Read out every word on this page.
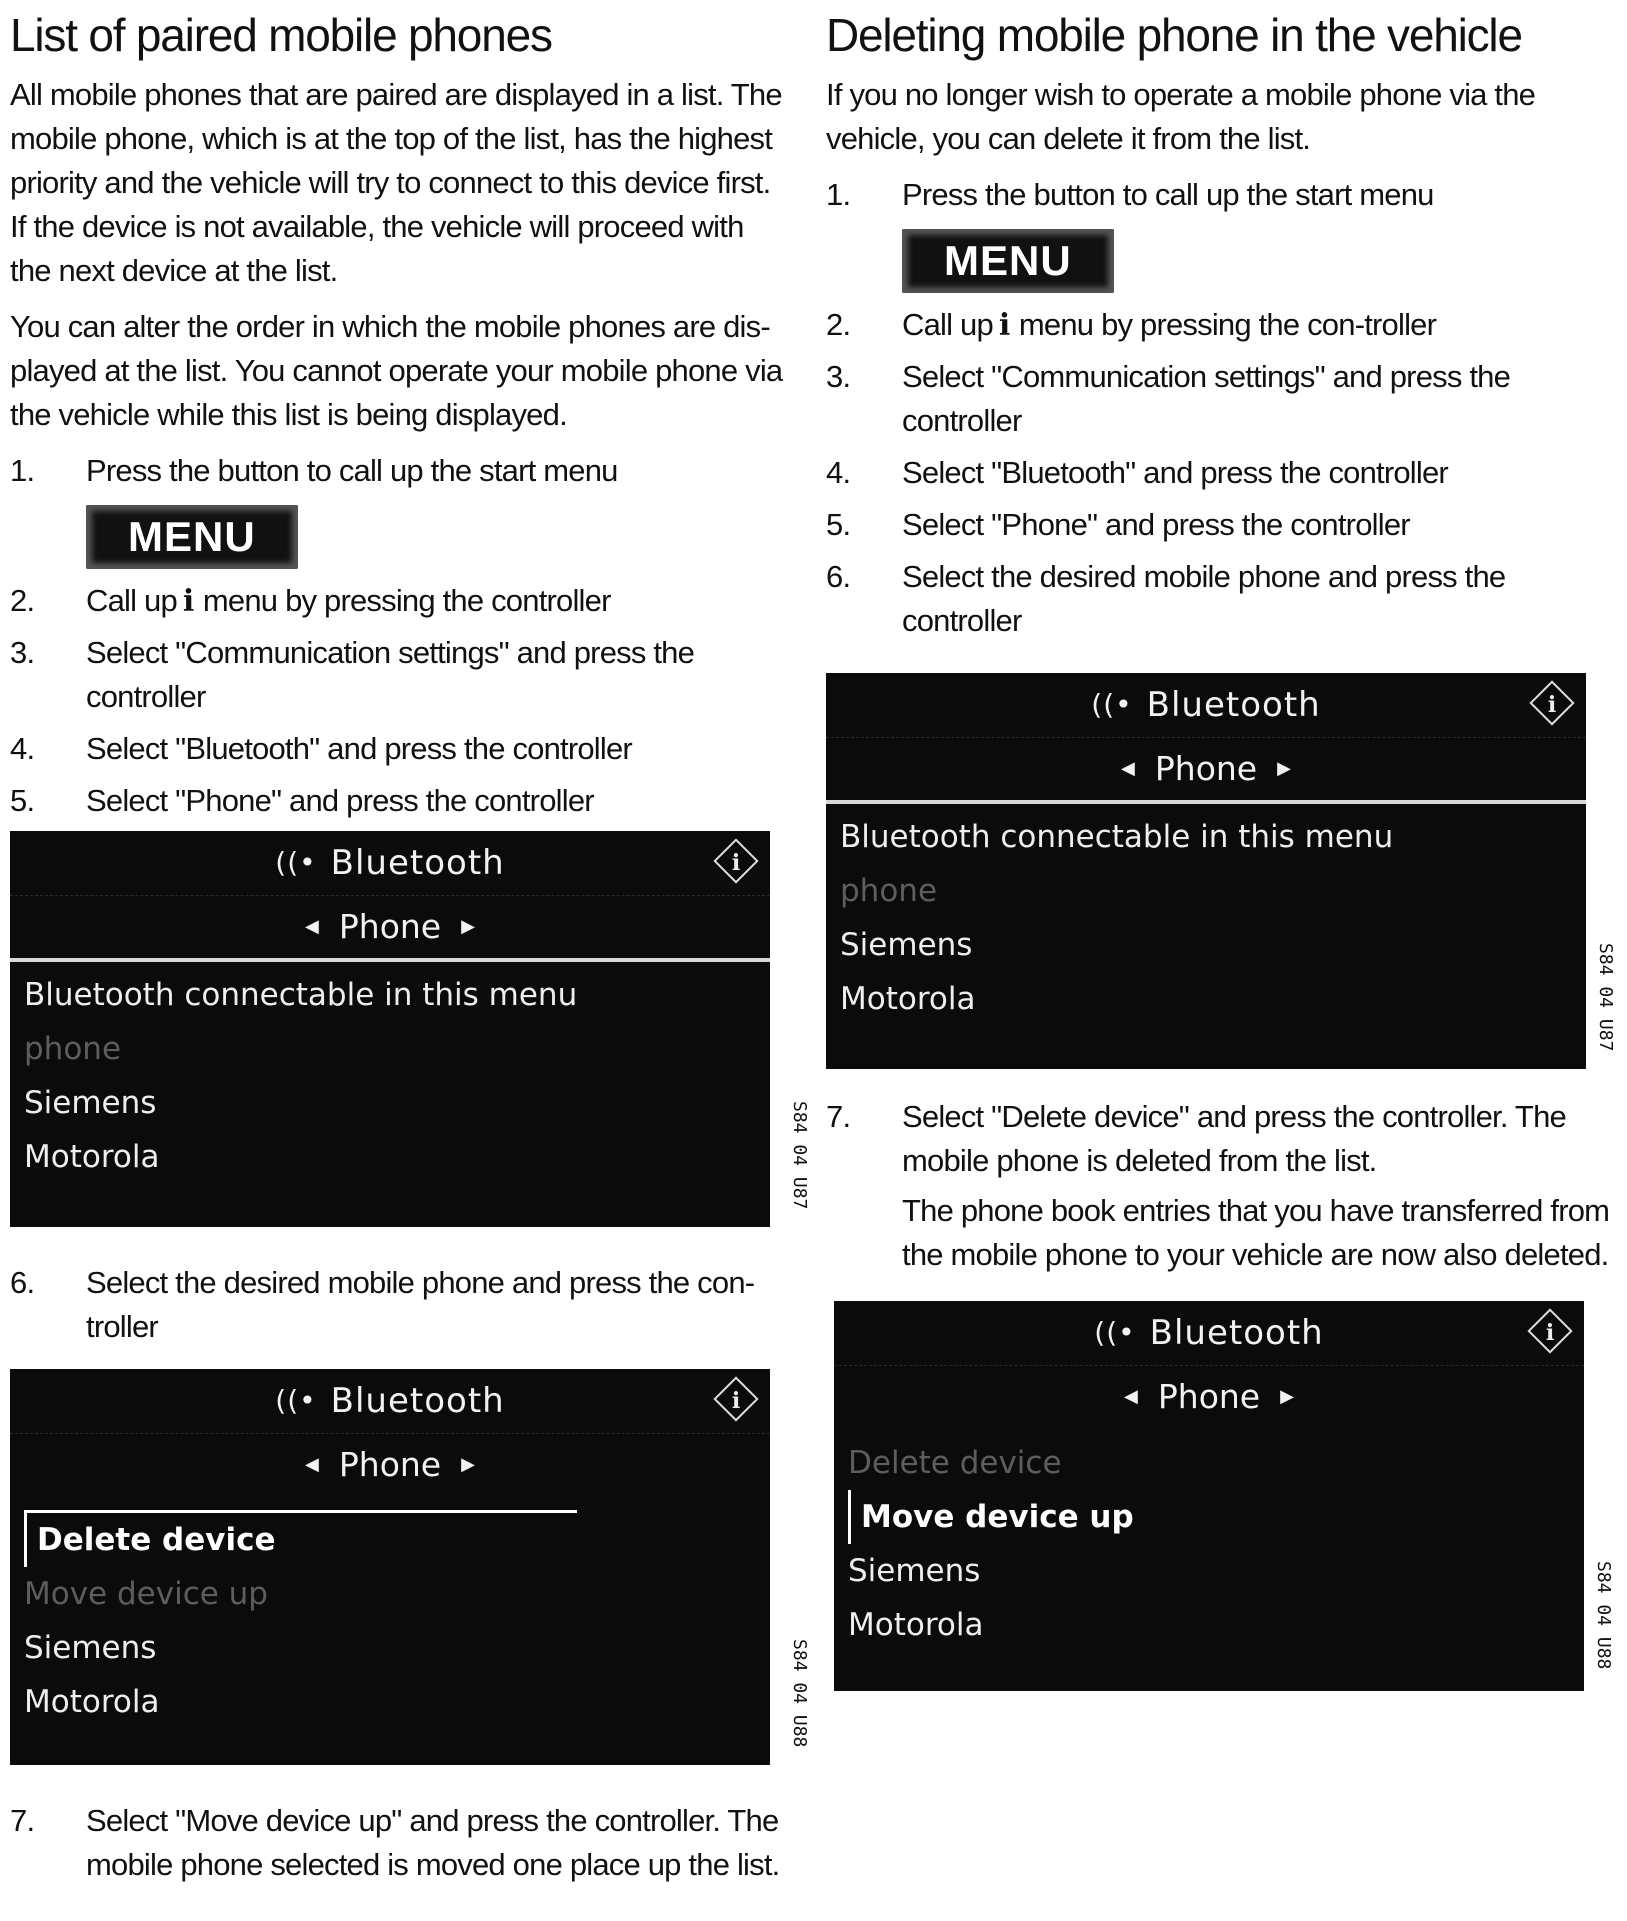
List of paired mobile phones

All mobile phones that are paired are displayed in a list. The mobile phone, which is at the top of the list, has the highest priority and the vehicle will try to connect to this device first. If the device is not available, the vehicle will proceed with the next device at the list.

You can alter the order in which the mobile phones are dis-played at the list. You cannot operate your mobile phone via the vehicle while this list is being displayed.

1.	Press the button to call up the start menu
MENU
2.	Call up i menu by pressing the controller
3.	Select "Communication settings" and press the controller
4.	Select "Bluetooth" and press the controller
5.	Select "Phone" and press the controller
((• Bluetooth	i
◀ Phone ▶
Bluetooth connectable in this menu
phone
Siemens
Motorola	S84 04 U87
6.	Select the desired mobile phone and press the con-troller
((• Bluetooth	i
◀ Phone ▶
Delete device
Move device up
Siemens
Motorola	S84 04 U88
7.	Select "Move device up" and press the controller. The mobile phone selected is moved one place up the list.
Deleting mobile phone in the vehicle

If you no longer wish to operate a mobile phone via the vehicle, you can delete it from the list.

1.	Press the button to call up the start menu
MENU
2.	Call up i menu by pressing the con-troller
3.	Select "Communication settings" and press the controller
4.	Select "Bluetooth" and press the controller
5.	Select "Phone" and press the controller
6.	Select the desired mobile phone and press the controller
((• Bluetooth	i
◀ Phone ▶
Bluetooth connectable in this menu
phone
Siemens
Motorola	S84 04 U87
7.	Select "Delete device" and press the controller. The mobile phone is deleted from the list.

The phone book entries that you have transferred from the mobile phone to your vehicle are now also deleted.
((• Bluetooth	i
◀ Phone ▶
Delete device
Move device up
Siemens
Motorola	S84 04 U88
